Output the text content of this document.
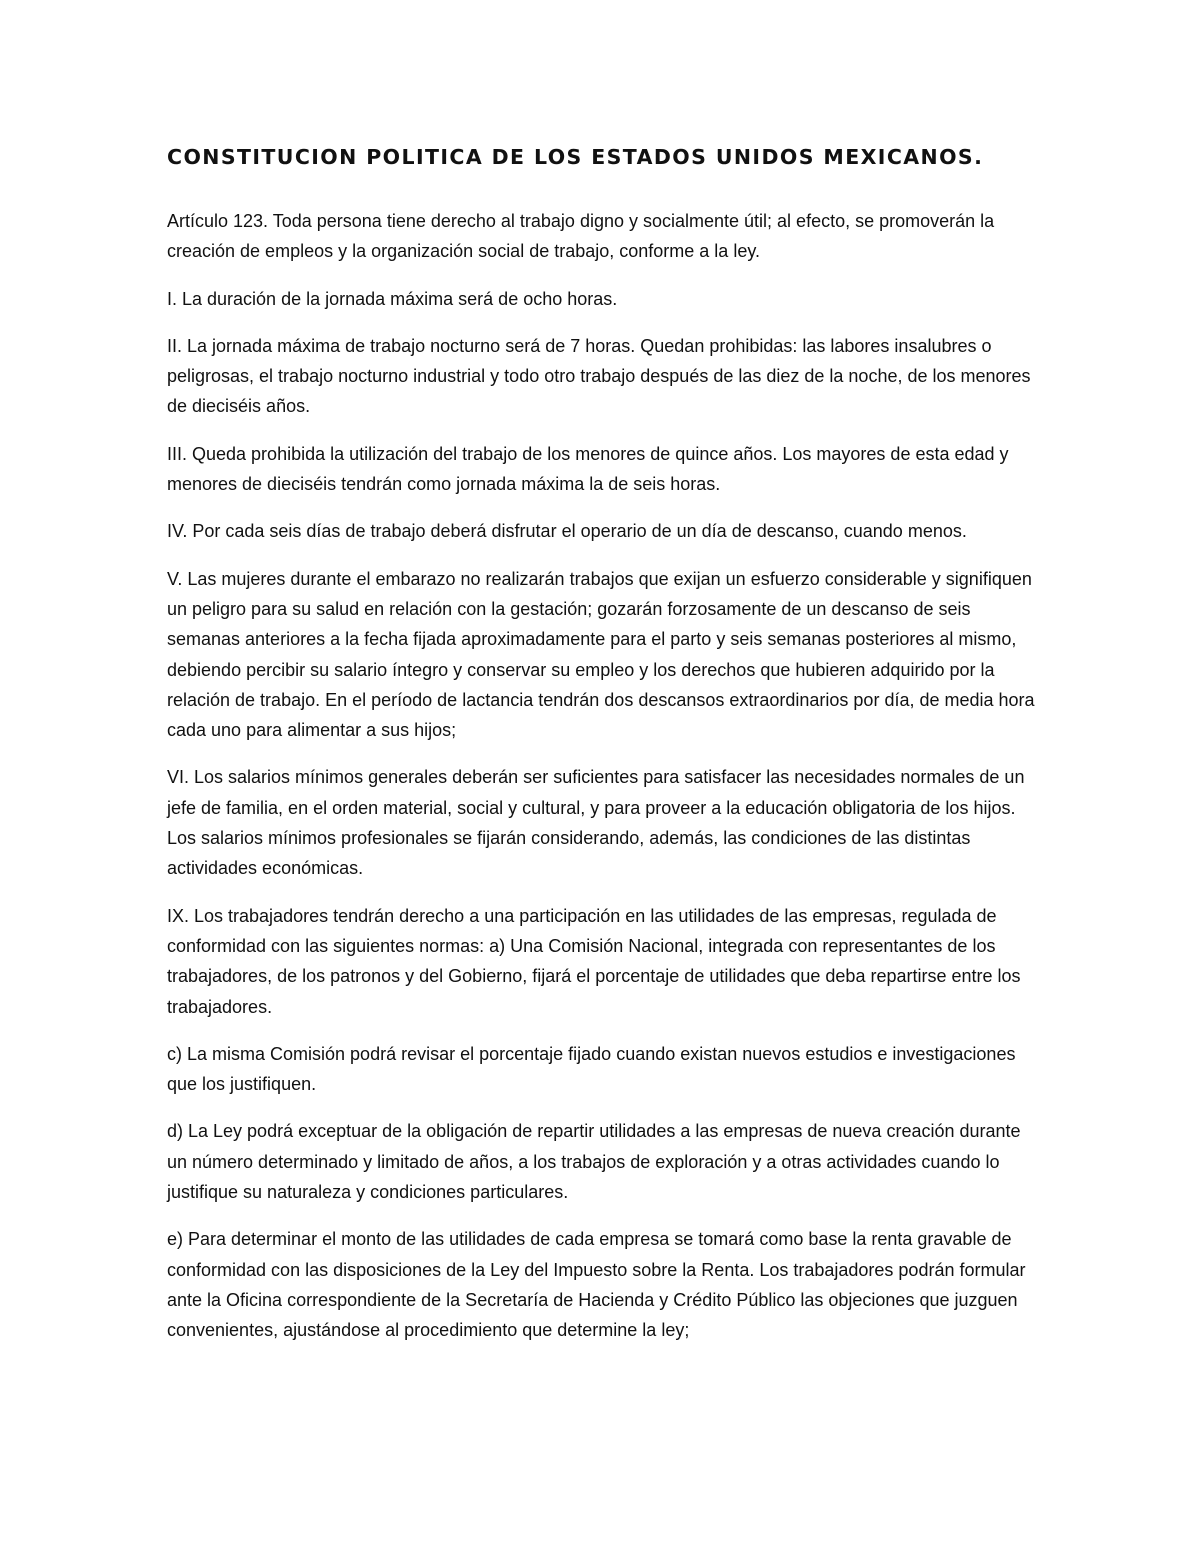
CONSTITUCION POLITICA DE LOS ESTADOS UNIDOS MEXICANOS.

Artículo 123. Toda persona tiene derecho al trabajo digno y socialmente útil; al efecto, se promoverán la creación de empleos y la organización social de trabajo, conforme a la ley.

I. La duración de la jornada máxima será de ocho horas.

II. La jornada máxima de trabajo nocturno será de 7 horas. Quedan prohibidas: las labores insalubres o peligrosas, el trabajo nocturno industrial y todo otro trabajo después de las diez de la noche, de los menores de dieciséis años.

III. Queda prohibida la utilización del trabajo de los menores de quince años. Los mayores de esta edad y menores de dieciséis tendrán como jornada máxima la de seis horas.

IV. Por cada seis días de trabajo deberá disfrutar el operario de un día de descanso, cuando menos.

V. Las mujeres durante el embarazo no realizarán trabajos que exijan un esfuerzo considerable y signifiquen un peligro para su salud en relación con la gestación; gozarán forzosamente de un descanso de seis semanas anteriores a la fecha fijada aproximadamente para el parto y seis semanas posteriores al mismo, debiendo percibir su salario íntegro y conservar su empleo y los derechos que hubieren adquirido por la relación de trabajo. En el período de lactancia tendrán dos descansos extraordinarios por día, de media hora cada uno para alimentar a sus hijos;

VI. Los salarios mínimos generales deberán ser suficientes para satisfacer las necesidades normales de un jefe de familia, en el orden material, social y cultural, y para proveer a la educación obligatoria de los hijos. Los salarios mínimos profesionales se fijarán considerando, además, las condiciones de las distintas actividades económicas.

IX. Los trabajadores tendrán derecho a una participación en las utilidades de las empresas, regulada de conformidad con las siguientes normas: a) Una Comisión Nacional, integrada con representantes de los trabajadores, de los patronos y del Gobierno, fijará el porcentaje de utilidades que deba repartirse entre los trabajadores.

c) La misma Comisión podrá revisar el porcentaje fijado cuando existan nuevos estudios e investigaciones que los justifiquen.

d) La Ley podrá exceptuar de la obligación de repartir utilidades a las empresas de nueva creación durante un número determinado y limitado de años, a los trabajos de exploración y a otras actividades cuando lo justifique su naturaleza y condiciones particulares.

e) Para determinar el monto de las utilidades de cada empresa se tomará como base la renta gravable de conformidad con las disposiciones de la Ley del Impuesto sobre la Renta. Los trabajadores podrán formular ante la Oficina correspondiente de la Secretaría de Hacienda y Crédito Público las objeciones que juzguen convenientes, ajustándose al procedimiento que determine la ley;
